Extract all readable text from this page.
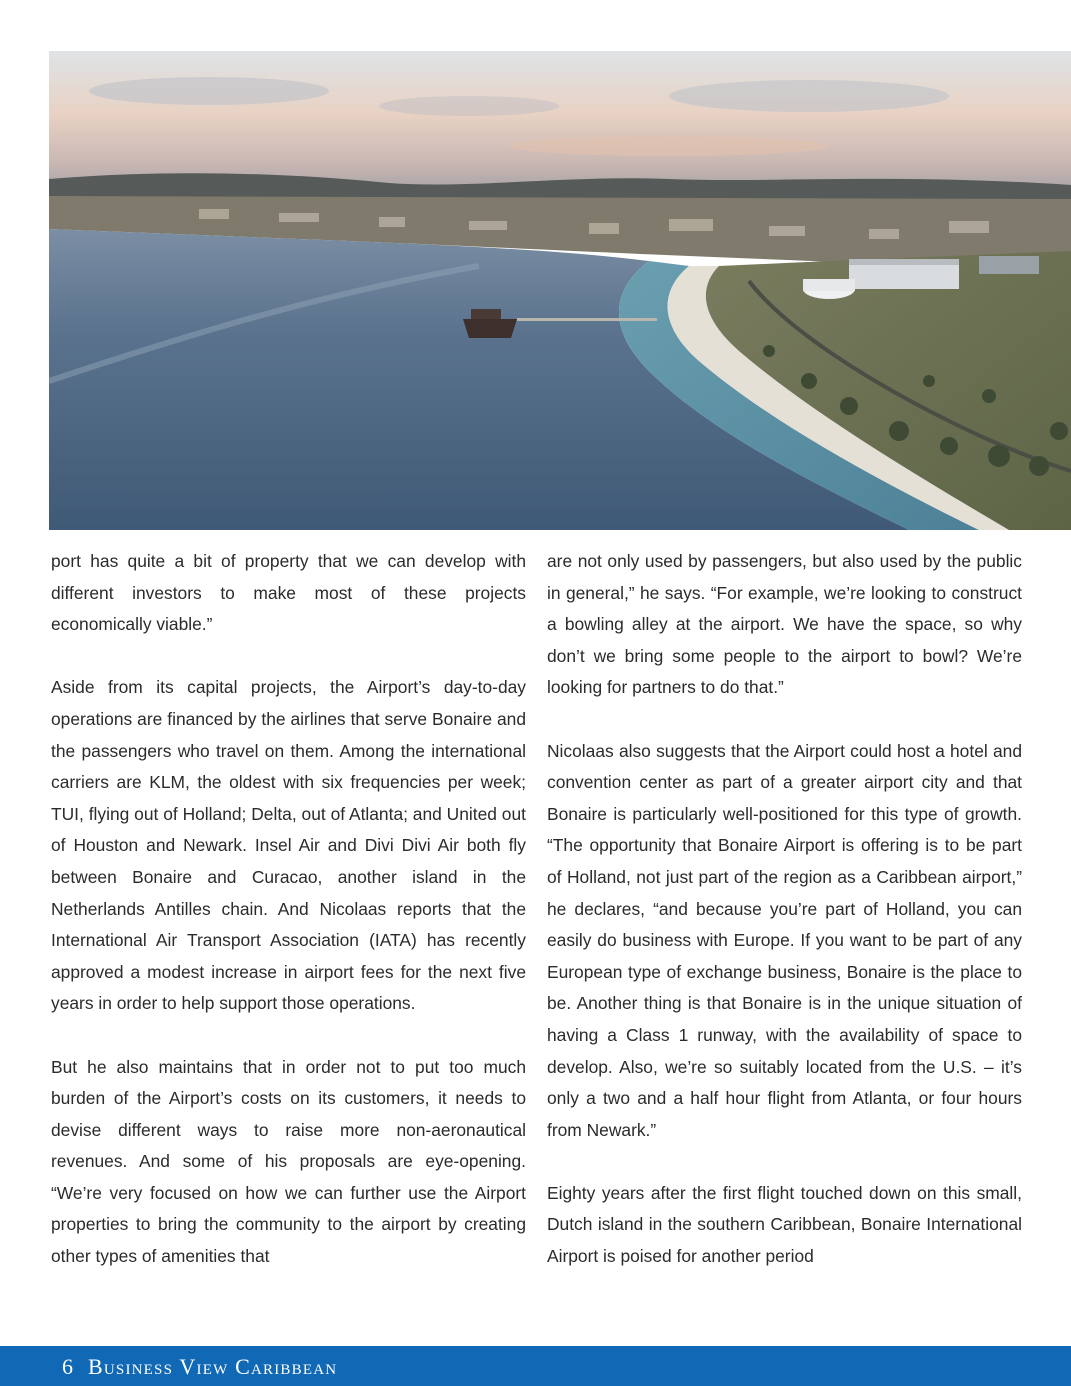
port has quite a bit of property that we can develop with different investors to make most of these projects economically viable.”

Aside from its capital projects, the Airport’s day-to-day operations are financed by the airlines that serve Bonaire and the passengers who travel on them. Among the international carriers are KLM, the oldest with six frequencies per week; TUI, flying out of Holland; Delta, out of Atlanta; and United out of Houston and Newark. Insel Air and Divi Divi Air both fly between Bonaire and Curacao, another island in the Netherlands Antilles chain. And Nicolaas reports that the International Air Transport Association (IATA) has recently approved a modest increase in airport fees for the next five years in order to help support those operations.

But he also maintains that in order not to put too much burden of the Airport’s costs on its customers, it needs to devise different ways to raise more non-aeronautical revenues. And some of his proposals are eye-opening. “We’re very focused on how we can further use the Airport properties to bring the community to the airport by creating other types of amenities that

are not only used by passengers, but also used by the public in general,” he says. “For example, we’re looking to construct a bowling alley at the airport. We have the space, so why don’t we bring some people to the airport to bowl? We’re looking for partners to do that.”

Nicolaas also suggests that the Airport could host a hotel and convention center as part of a greater airport city and that Bonaire is particularly well-positioned for this type of growth. “The opportunity that Bonaire Airport is offering is to be part of Holland, not just part of the region as a Caribbean airport,” he declares, “and because you’re part of Holland, you can easily do business with Europe. If you want to be part of any European type of exchange business, Bonaire is the place to be. Another thing is that Bonaire is in the unique situation of having a Class 1 runway, with the availability of space to develop. Also, we’re so suitably located from the U.S. – it’s only a two and a half hour flight from Atlanta, or four hours from Newark.”

Eighty years after the first flight touched down on this small, Dutch island in the southern Caribbean, Bonaire International Airport is poised for another period

6 Business View Caribbean
